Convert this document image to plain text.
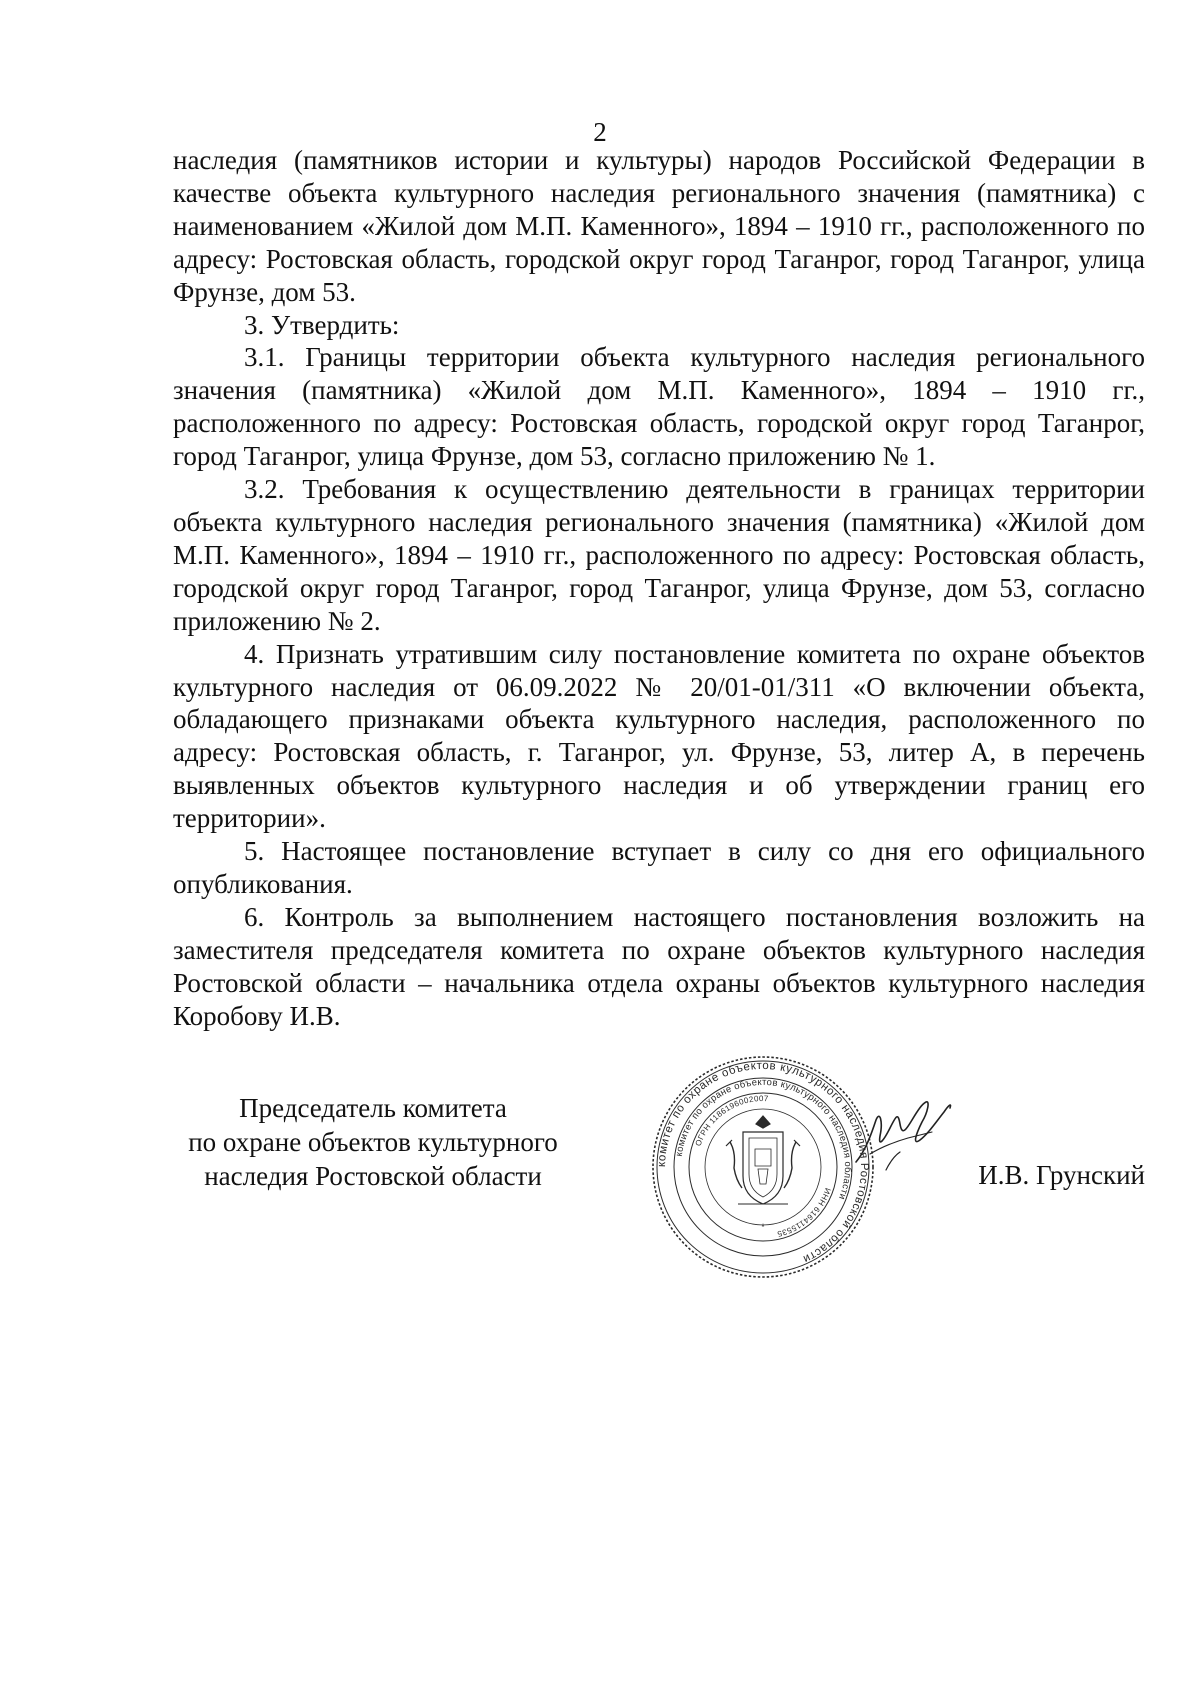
2

наследия (памятников истории и культуры) народов Российской Федерации в качестве объекта культурного наследия регионального значения (памятника) с наименованием «Жилой дом М.П. Каменного», 1894 – 1910 гг., расположенного по адресу: Ростовская область, городской округ город Таганрог, город Таганрог, улица Фрунзе, дом 53.

3. Утвердить:

3.1. Границы территории объекта культурного наследия регионального значения (памятника) «Жилой дом М.П. Каменного», 1894 – 1910 гг., расположенного по адресу: Ростовская область, городской округ город Таганрог, город Таганрог, улица Фрунзе, дом 53, согласно приложению № 1.

3.2. Требования к осуществлению деятельности в границах территории объекта культурного наследия регионального значения (памятника) «Жилой дом М.П. Каменного», 1894 – 1910 гг., расположенного по адресу: Ростовская область, городской округ город Таганрог, город Таганрог, улица Фрунзе, дом 53, согласно приложению № 2.

4. Признать утратившим силу постановление комитета по охране объектов культурного наследия от 06.09.2022 № 20/01-01/311 «О включении объекта, обладающего признаками объекта культурного наследия, расположенного по адресу: Ростовская область, г. Таганрог, ул. Фрунзе, 53, литер А, в перечень выявленных объектов культурного наследия и об утверждении границ его территории».

5. Настоящее постановление вступает в силу со дня его официального опубликования.

6. Контроль за выполнением настоящего постановления возложить на заместителя председателя комитета по охране объектов культурного наследия Ростовской области – начальника отдела охраны объектов культурного наследия Коробову И.В.

Председатель комитета
по охране объектов культурного
наследия Ростовской области	комитет по охране объектов культурного наследия Ростовской области
комитет по охране объектов культурного наследия области
ИНН 6164115535
ОГРН 1186196002007
*
И.В. Грунский
